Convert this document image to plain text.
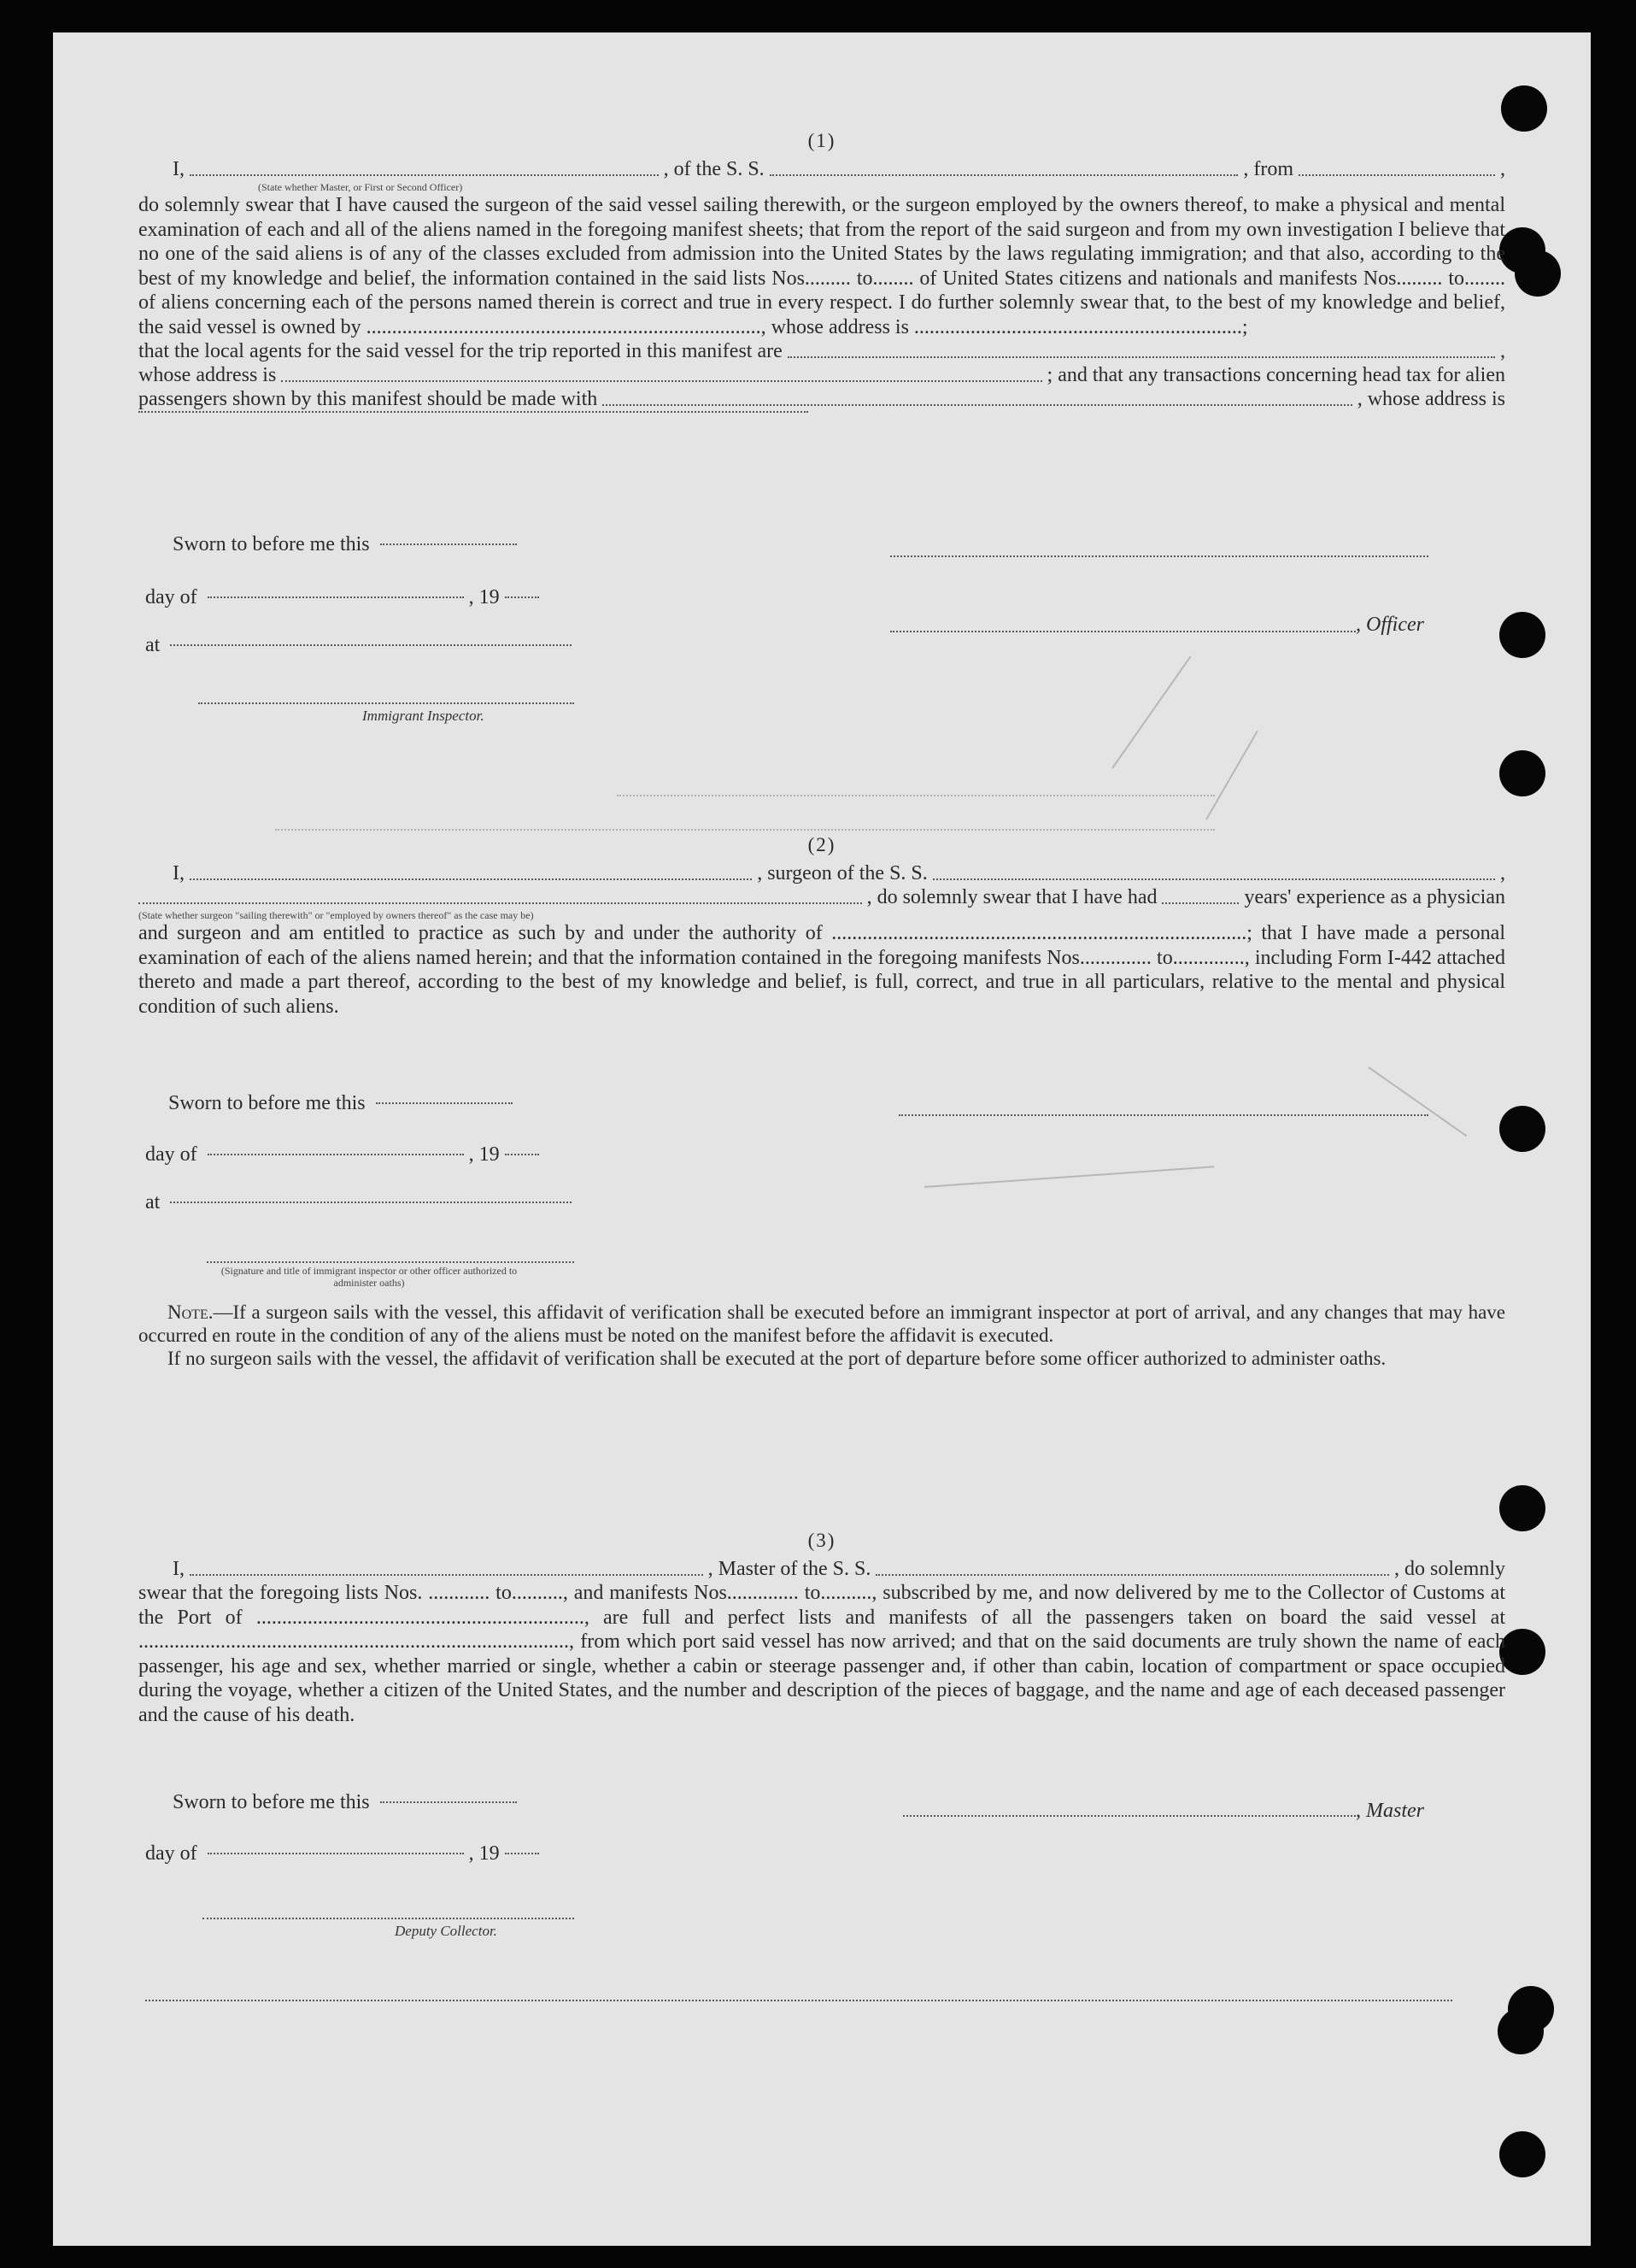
(1)
I,	, of the S. S.	, from	,
(State whether Master, or First or Second Officer)

do solemnly swear that I have caused the surgeon of the said vessel sailing therewith, or the surgeon employed by the owners thereof, to make a physical and mental examination of each and all of the aliens named in the foregoing manifest sheets; that from the report of the said surgeon and from my own investigation I believe that no one of the said aliens is of any of the classes excluded from admission into the United States by the laws regulating immigration; and that also, according to the best of my knowledge and belief, the information contained in the said lists Nos......... to........ of United States citizens and nationals and manifests Nos......... to........ of aliens concerning each of the persons named therein is correct and true in every respect. I do further solemnly swear that, to the best of my knowledge and belief, the said vessel is owned by ............................................................................., whose address is ................................................................;

that the local agents for the said vessel for the trip reported in this manifest are	,
whose address is	; and that any transactions concerning head tax for alien
passengers shown by this manifest should be made with	, whose address is
Sworn to before me this
day of	, 19
at
Immigrant Inspector.
, Officer
(2)
I,	, surgeon of the S. S.	,
, do solemnly swear that I have had	years' experience as a physician
(State whether surgeon "sailing therewith" or "employed by owners thereof" as the case may be)

and surgeon and am entitled to practice as such by and under the authority of .................................................................................; that I have made a personal examination of each of the aliens named herein; and that the information contained in the foregoing manifests Nos.............. to.............., including Form I-442 attached thereto and made a part thereof, according to the best of my knowledge and belief, is full, correct, and true in all particulars, relative to the mental and physical condition of such aliens.

Sworn to before me this
day of	, 19
at
(Signature and title of immigrant inspector or other officer authorized to administer oaths)

Note.—If a surgeon sails with the vessel, this affidavit of verification shall be executed before an immigrant inspector at port of arrival, and any changes that may have occurred en route in the condition of any of the aliens must be noted on the manifest before the affidavit is executed.

If no surgeon sails with the vessel, the affidavit of verification shall be executed at the port of departure before some officer authorized to administer oaths.

(3)
I,	, Master of the S. S.	, do solemnly

swear that the foregoing lists Nos. ............ to.........., and manifests Nos.............. to.........., subscribed by me, and now delivered by me to the Collector of Customs at the Port of ................................................................, are full and perfect lists and manifests of all the passengers taken on board the said vessel at ...................................................................................., from which port said vessel has now arrived; and that on the said documents are truly shown the name of each passenger, his age and sex, whether married or single, whether a cabin or steerage passenger and, if other than cabin, location of compartment or space occupied during the voyage, whether a citizen of the United States, and the number and description of the pieces of baggage, and the name and age of each deceased passenger and the cause of his death.

Sworn to before me this	, Master
day of	, 19
Deputy Collector.
